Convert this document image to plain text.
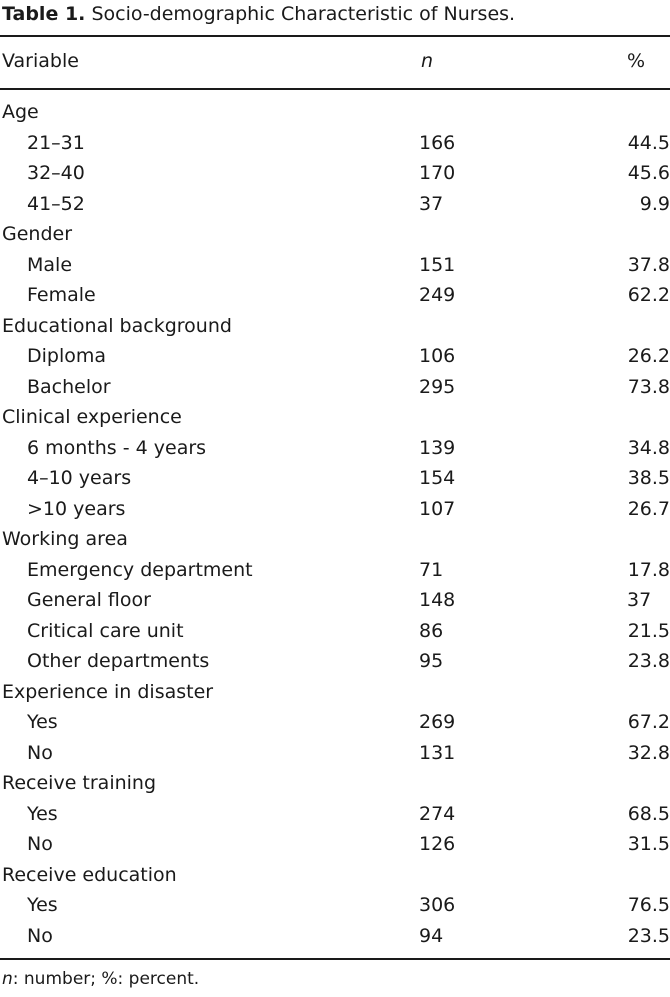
Table 1. Socio-demographic Characteristic of Nurses.
Variable	n	%
Age
21–31	166	44.5
32–40	170	45.6
41–52	37	9.9
Gender
Male	151	37.8
Female	249	62.2
Educational background
Diploma	106	26.2
Bachelor	295	73.8
Clinical experience
6 months - 4 years	139	34.8
4–10 years	154	38.5
>10 years	107	26.7
Working area
Emergency department	71	17.8
General floor	148	37
Critical care unit	86	21.5
Other departments	95	23.8
Experience in disaster
Yes	269	67.2
No	131	32.8
Receive training
Yes	274	68.5
No	126	31.5
Receive education
Yes	306	76.5
No	94	23.5
n: number; %: percent.
